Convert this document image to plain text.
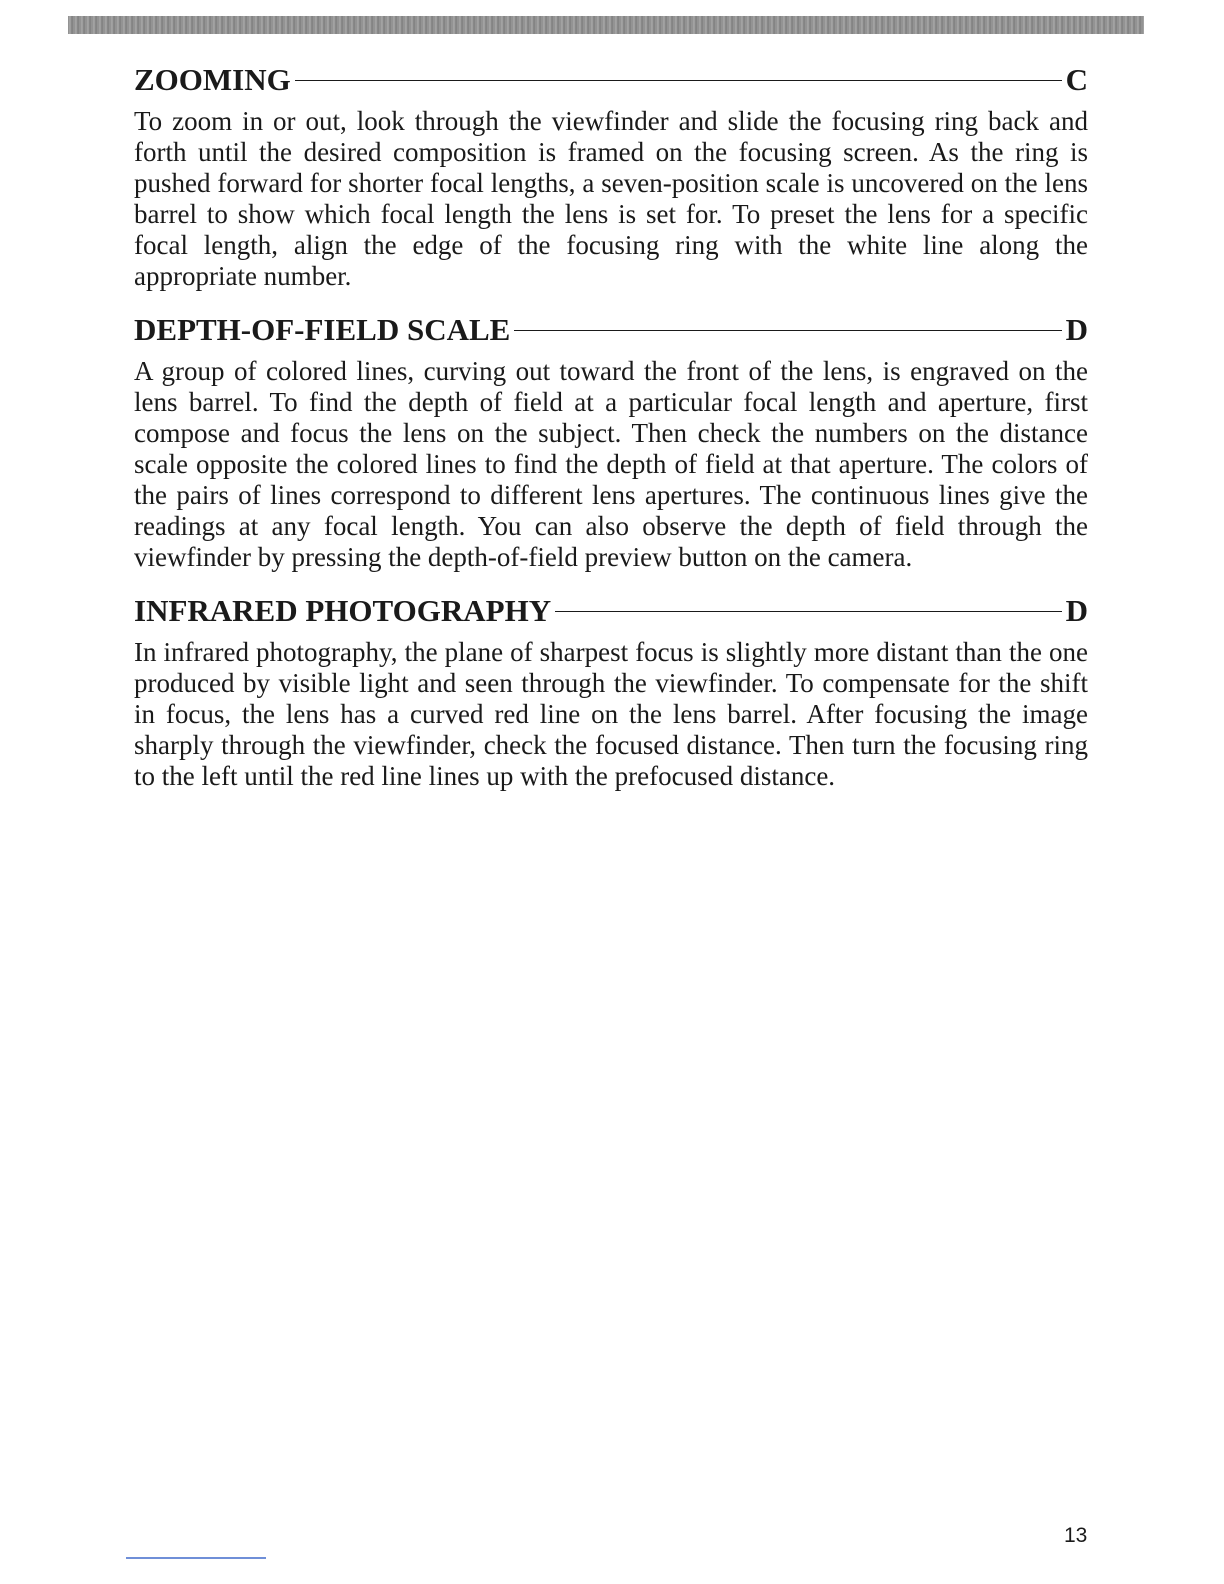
ZOOMING	C

To zoom in or out, look through the viewfinder and slide the focusing ring back and forth until the desired composition is framed on the focusing screen. As the ring is pushed forward for shorter focal lengths, a seven-position scale is uncovered on the lens barrel to show which focal length the lens is set for. To preset the lens for a specific focal length, align the edge of the focusing ring with the white line along the appropriate number.

DEPTH-OF-FIELD SCALE	D

A group of colored lines, curving out toward the front of the lens, is engraved on the lens barrel. To find the depth of field at a particular focal length and aperture, first compose and focus the lens on the subject. Then check the numbers on the distance scale opposite the colored lines to find the depth of field at that aperture. The colors of the pairs of lines correspond to different lens apertures. The continuous lines give the readings at any focal length. You can also observe the depth of field through the viewfinder by pressing the depth-of-field preview button on the camera.

INFRARED PHOTOGRAPHY	D

In infrared photography, the plane of sharpest focus is slightly more distant than the one produced by visible light and seen through the viewfinder. To compensate for the shift in focus, the lens has a curved red line on the lens barrel. After focusing the image sharply through the viewfinder, check the focused distance. Then turn the focusing ring to the left until the red line lines up with the prefocused distance.

13
